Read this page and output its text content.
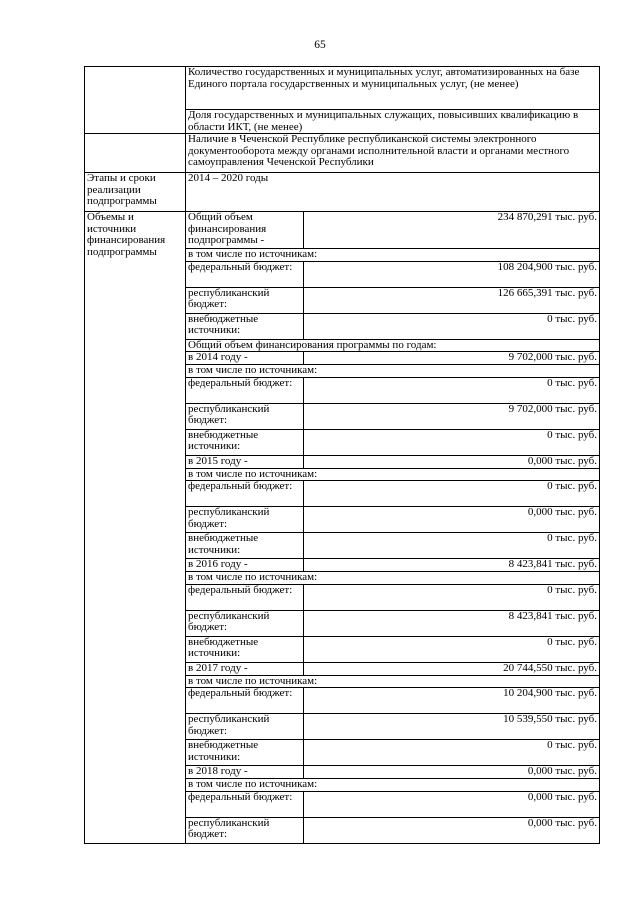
65
	Количество государственных и муниципальных услуг, автоматизированных на базе Единого портала государственных и муниципальных услуг, (не менее)	
	Доля государственных и муниципальных служащих, повысивших квалификацию в области ИКТ, (не менее)	
	Наличие в Чеченской Республике республиканской системы электронного документооборота между органами исполнительной власти и органами местного самоуправления Чеченской Республики	
Этапы и сроки реализации подпрограммы	2014 – 2020 годы	
Объемы и источники финансирования подпрограммы	Общий объем финансирования подпрограммы -	234 870,291 тыс. руб.
	в том числе по источникам:	
	федеральный бюджет:	108 204,900 тыс. руб.
	республиканский бюджет:	126 665,391 тыс. руб.
	внебюджетные источники:	0 тыс. руб.
	Общий объем финансирования программы по годам:	
	в 2014 году -	9 702,000 тыс. руб.
	в том числе по источникам:	
	федеральный бюджет:	0 тыс. руб.
	республиканский бюджет:	9 702,000 тыс. руб.
	внебюджетные источники:	0 тыс. руб.
	в 2015 году -	0,000 тыс. руб.
	в том числе по источникам:	
	федеральный бюджет:	0 тыс. руб.
	республиканский бюджет:	0,000 тыс. руб.
	внебюджетные источники:	0 тыс. руб.
	в 2016 году -	8 423,841 тыс. руб.
	в том числе по источникам:	
	федеральный бюджет:	0 тыс. руб.
	республиканский бюджет:	8 423,841 тыс. руб.
	внебюджетные источники:	0 тыс. руб.
	в 2017 году -	20 744,550 тыс. руб.
	в том числе по источникам:	
	федеральный бюджет:	10 204,900 тыс. руб.
	республиканский бюджет:	10 539,550 тыс. руб.
	внебюджетные источники:	0 тыс. руб.
	в 2018 году -	0,000 тыс. руб.
	в том числе по источникам:	
	федеральный бюджет:	0,000 тыс. руб.
	республиканский бюджет:	0,000 тыс. руб.
